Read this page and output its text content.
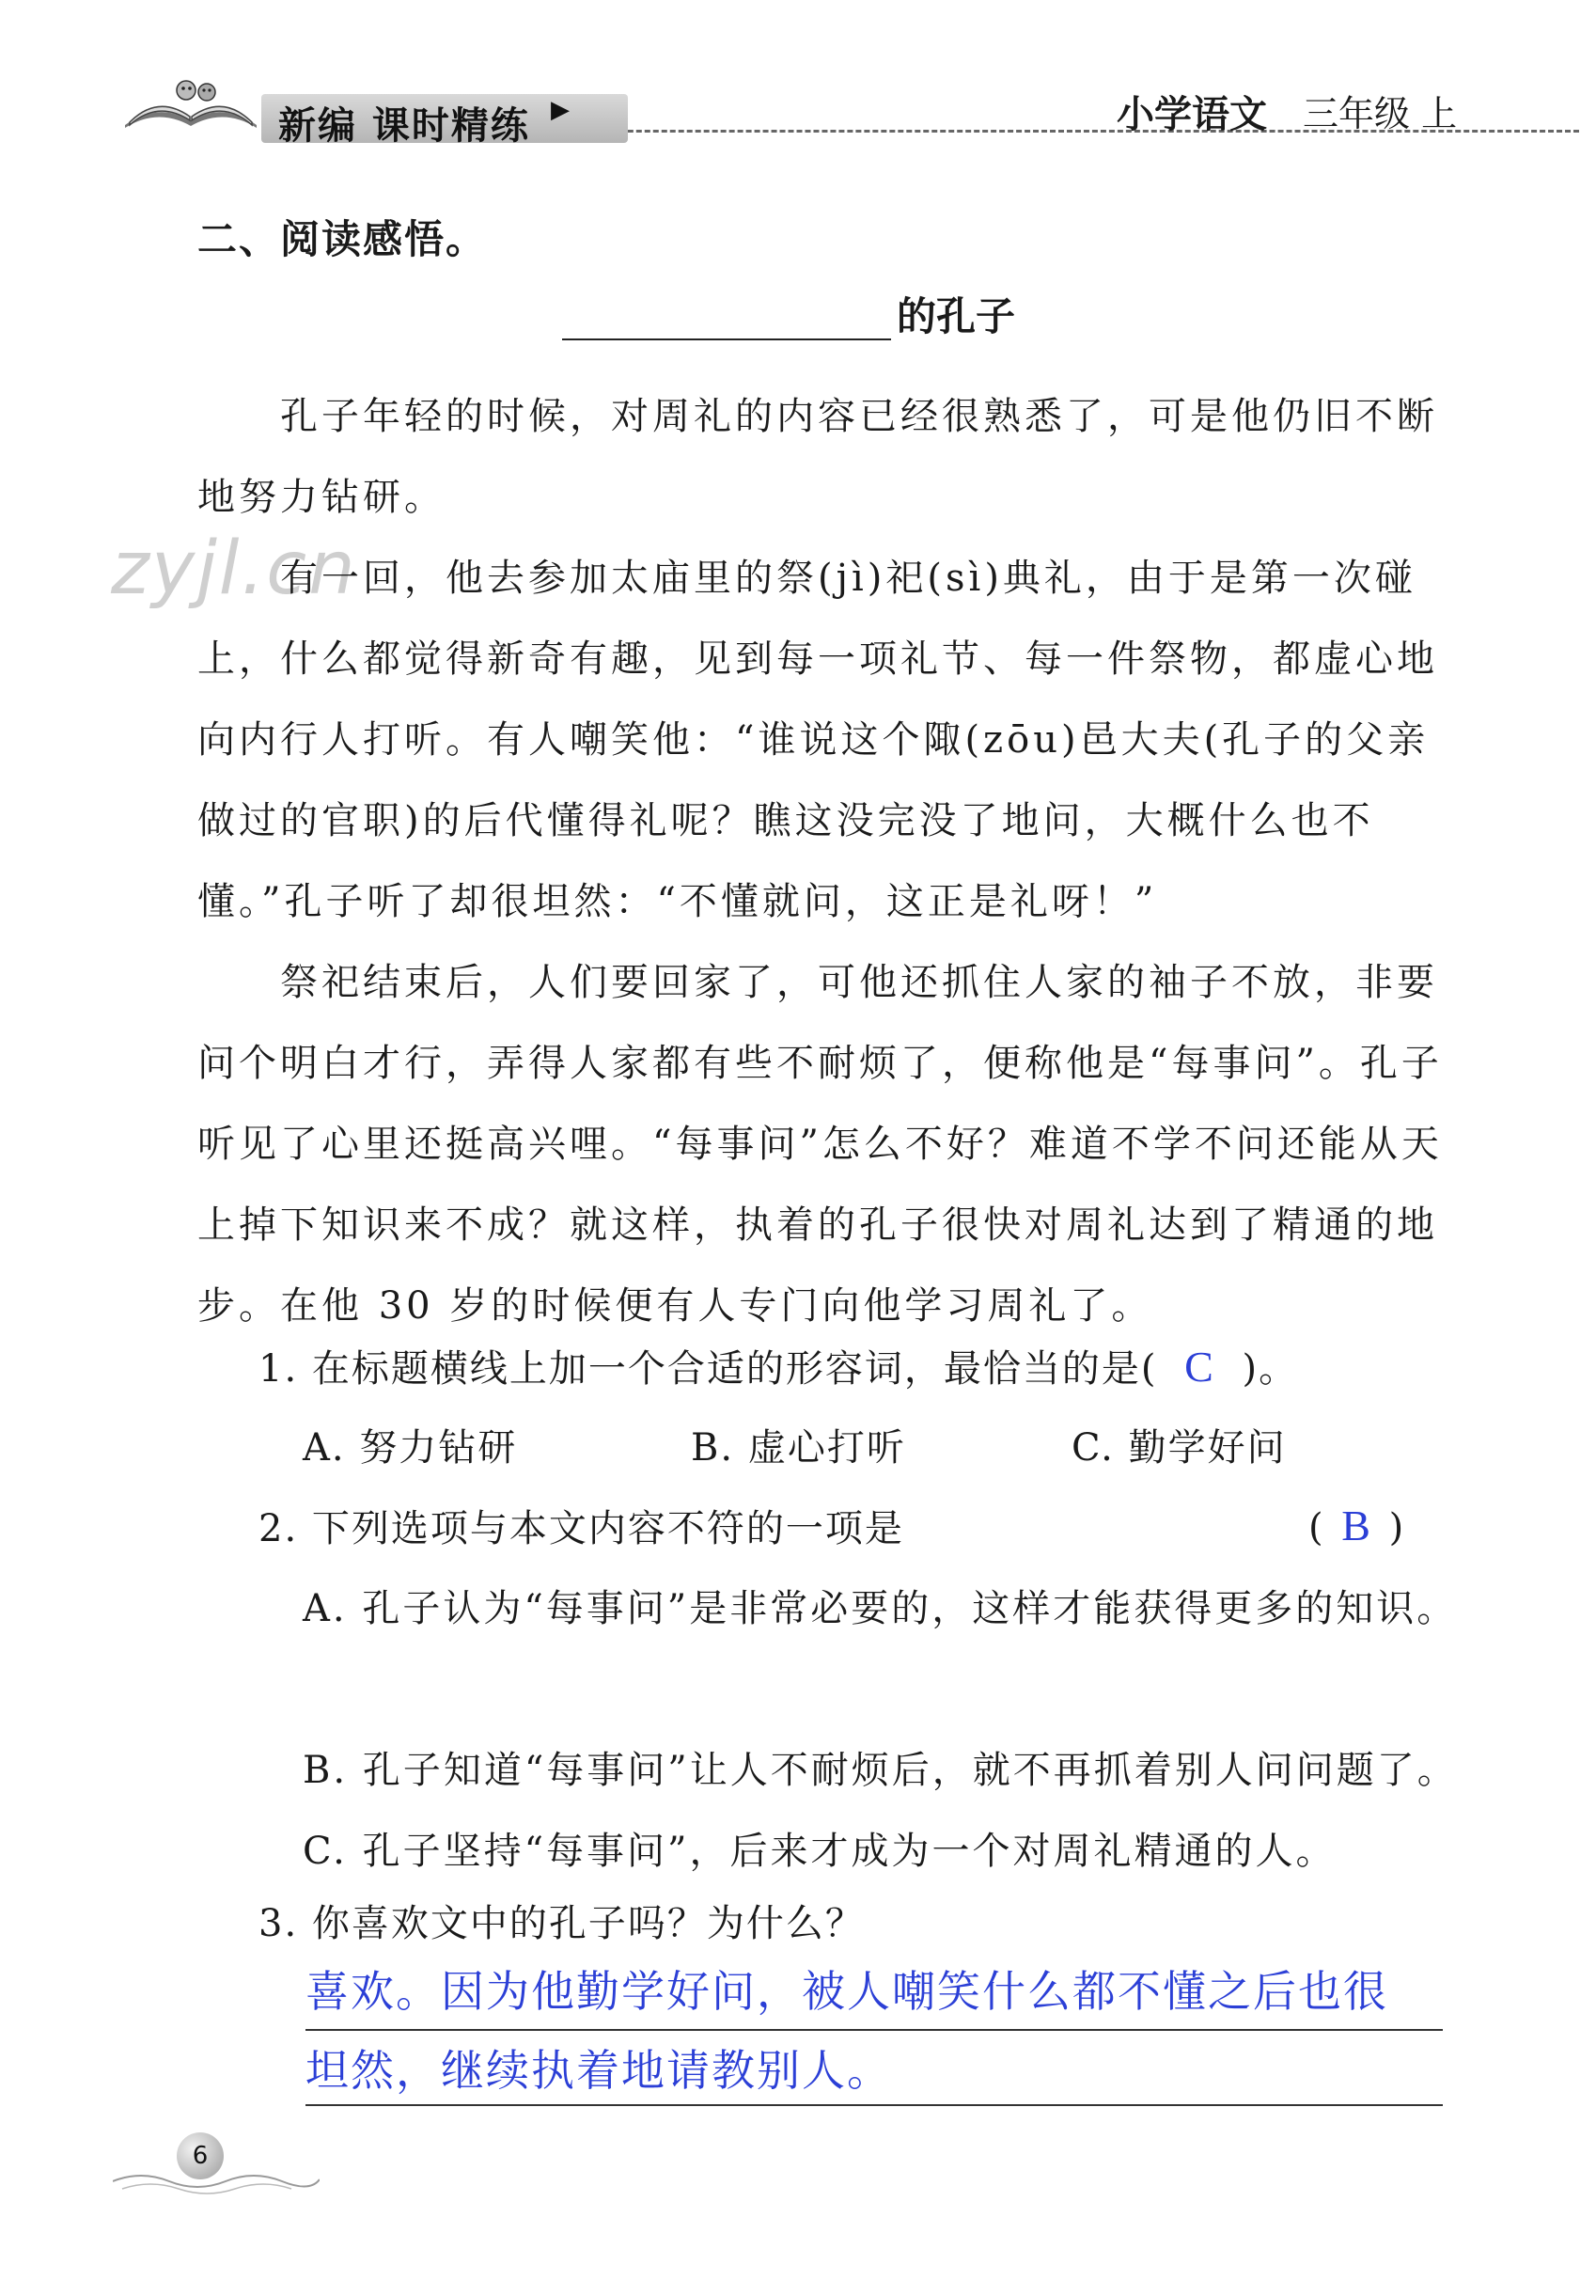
新编 课时精练 ▶	小学语文 三年级 上
二、阅读感悟。
的孔子
zyjl.cn

孔子年轻的时候，对周礼的内容已经很熟悉了，可是他仍旧不断地努力钻研。

有一回，他去参加太庙里的祭(jì)祀(sì)典礼，由于是第一次碰上，什么都觉得新奇有趣，见到每一项礼节、每一件祭物，都虚心地向内行人打听。有人嘲笑他：“谁说这个陬(zōu)邑大夫(孔子的父亲做过的官职)的后代懂得礼呢？瞧这没完没了地问，大概什么也不懂。”孔子听了却很坦然：“不懂就问，这正是礼呀！”

祭祀结束后，人们要回家了，可他还抓住人家的袖子不放，非要问个明白才行，弄得人家都有些不耐烦了，便称他是“每事问”。孔子听见了心里还挺高兴哩。“每事问”怎么不好？难道不学不问还能从天上掉下知识来不成？就这样，执着的孔子很快对周礼达到了精通的地步。在他 30 岁的时候便有人专门向他学习周礼了。

1. 在标题横线上加一个合适的形容词，最恰当的是( C )。

A. 努力钻研	B. 虚心打听	C. 勤学好问

2. 下列选项与本文内容不符的一项是	( B )

A. 孔子认为“每事问”是非常必要的，这样才能获得更多的知识。

B. 孔子知道“每事问”让人不耐烦后，就不再抓着别人问问题了。

C. 孔子坚持“每事问”，后来才成为一个对周礼精通的人。

3. 你喜欢文中的孔子吗？为什么？

喜欢。因为他勤学好问，被人嘲笑什么都不懂之后也很
坦然，继续执着地请教别人。
6
